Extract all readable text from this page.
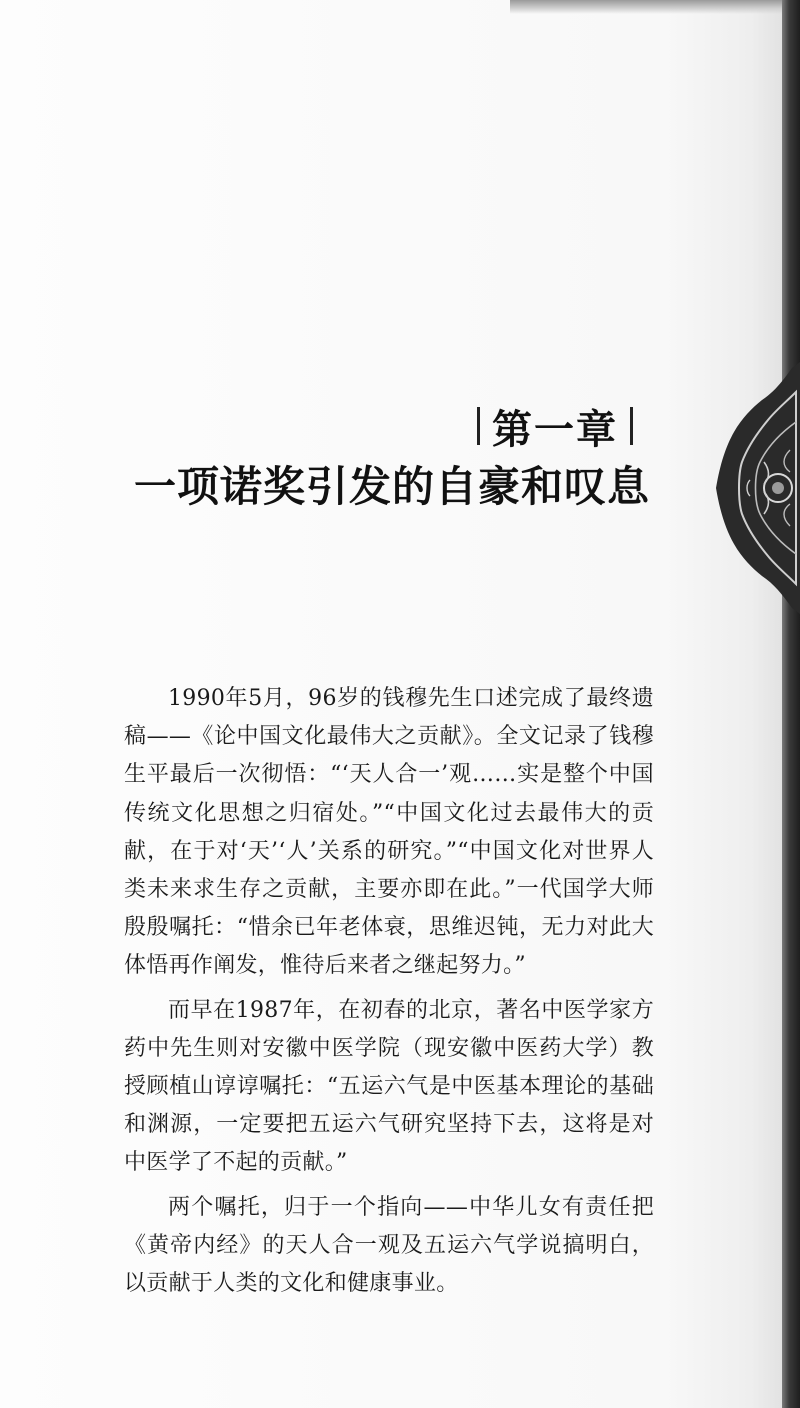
第一章
一项诺奖引发的自豪和叹息

1990年5月，96岁的钱穆先生口述完成了最终遗稿——《论中国文化最伟大之贡献》。全文记录了钱穆生平最后一次彻悟：“‘天人合一’观……实是整个中国传统文化思想之归宿处。”“中国文化过去最伟大的贡献，在于对‘天’‘人’关系的研究。”“中国文化对世界人类未来求生存之贡献，主要亦即在此。”一代国学大师殷殷嘱托：“惜余已年老体衰，思维迟钝，无力对此大体悟再作阐发，惟待后来者之继起努力。”

而早在1987年，在初春的北京，著名中医学家方药中先生则对安徽中医学院（现安徽中医药大学）教授顾植山谆谆嘱托：“五运六气是中医基本理论的基础和渊源，一定要把五运六气研究坚持下去，这将是对中医学了不起的贡献。”

两个嘱托，归于一个指向——中华儿女有责任把《黄帝内经》的天人合一观及五运六气学说搞明白，以贡献于人类的文化和健康事业。
